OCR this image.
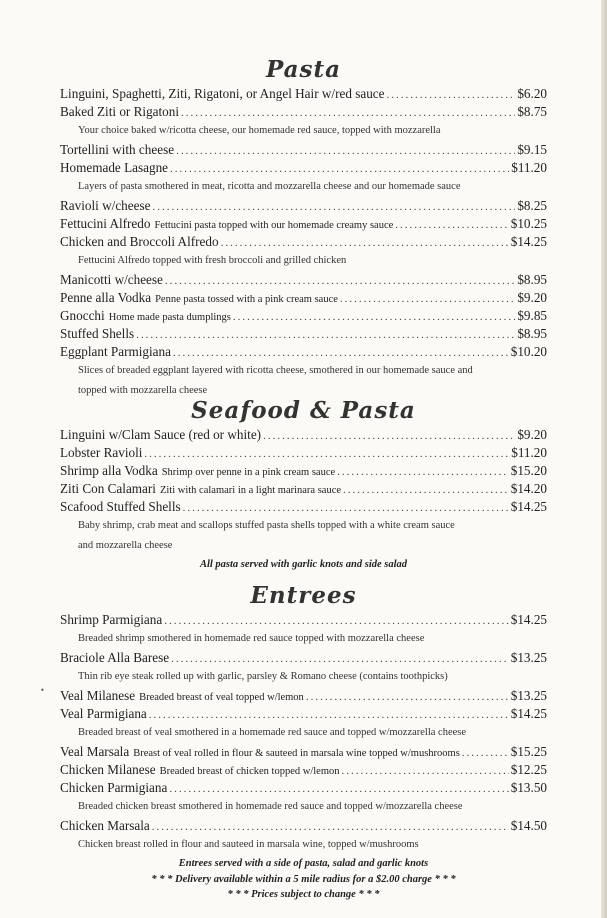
Pasta
Linguini, Spaghetti, Ziti, Rigatoni, or Angel Hair w/red sauce .....	$6.20
Baked Ziti or Rigatoni .....	$8.75
Your choice baked w/ricotta cheese, our homemade red sauce, topped with mozzarella
Tortellini with cheese .....	$9.15
Homemade Lasagne .....	$11.20
Layers of pasta smothered in meat, ricotta and mozzarella cheese and our homemade sauce
Ravioli w/cheese .....	$8.25
Fettucini Alfredo Fettucini pasta topped with our homemade creamy sauce .....	$10.25
Chicken and Broccoli Alfredo .....	$14.25
Fettucini Alfredo topped with fresh broccoli and grilled chicken
Manicotti w/cheese .....	$8.95
Penne alla Vodka Penne pasta tossed with a pink cream sauce .....	$9.20
Gnocchi Home made pasta dumplings .....	$9.85
Stuffed Shells .....	$8.95
Eggplant Parmigiana .....	$10.20
Slices of breaded eggplant layered with ricotta cheese, smothered in our homemade sauce and
topped with mozzarella cheese
Seafood & Pasta
Linguini w/Clam Sauce (red or white) .....	$9.20
Lobster Ravioli .....	$11.20
Shrimp alla Vodka Shrimp over penne in a pink cream sauce .....	$15.20
Ziti Con Calamari Ziti with calamari in a light marinara sauce .....	$14.20
Scafood Stuffed Shells .....	$14.25
Baby shrimp, crab meat and scallops stuffed pasta shells topped with a white cream sauce
and mozzarella cheese
All pasta served with garlic knots and side salad
•
Entrees
Shrimp Parmigiana .....	$14.25
Breaded shrimp smothered in homemade red sauce topped with mozzarella cheese
Braciole Alla Barese .....	$13.25
Thin rib eye steak rolled up with garlic, parsley & Romano cheese (contains toothpicks)
Veal Milanese Breaded breast of veal topped w/lemon .....	$13.25
Veal Parmigiana .....	$14.25
Breaded breast of veal smothered in a homemade red sauce and topped w/mozzarella cheese
Veal Marsala Breast of veal rolled in flour & sauteed in marsala wine topped w/mushrooms .....	$15.25
Chicken Milanese Breaded breast of chicken topped w/lemon .....	$12.25
Chicken Parmigiana .....	$13.50
Breaded chicken breast smothered in homemade red sauce and topped w/mozzarella cheese
Chicken Marsala .....	$14.50
Chicken breast rolled in flour and sauteed in marsala wine, topped w/mushrooms
Entrees served with a side of pasta, salad and garlic knots
* * * Delivery available within a 5 mile radius for a $2.00 charge * * *
* * * Prices subject to change * * *
